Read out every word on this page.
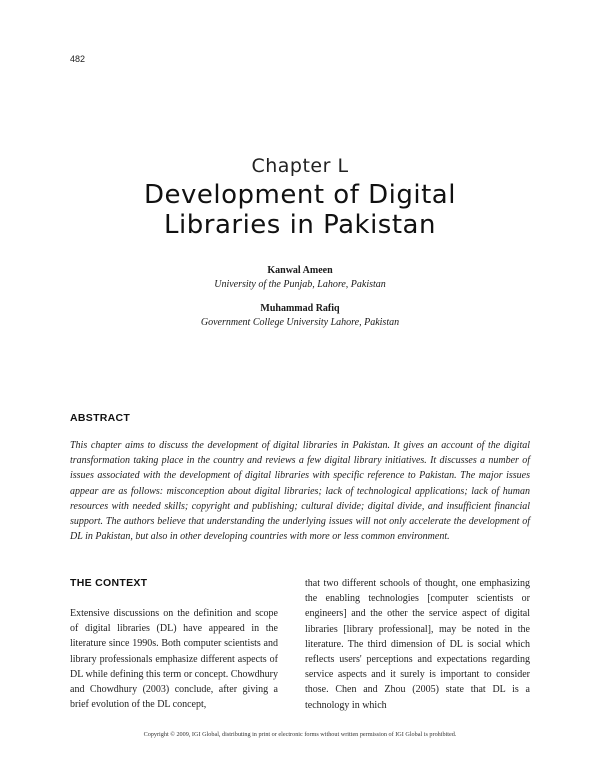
482
Chapter L
Development of Digital
Libraries in Pakistan
Kanwal Ameen
University of the Punjab, Lahore, Pakistan
Muhammad Rafiq
Government College University Lahore, Pakistan
ABSTRACT
This chapter aims to discuss the development of digital libraries in Pakistan. It gives an account of the digital transformation taking place in the country and reviews a few digital library initiatives. It discusses a number of issues associated with the development of digital libraries with specific reference to Pakistan. The major issues appear are as follows: misconception about digital libraries; lack of technological applications; lack of human resources with needed skills; copyright and publishing; cultural divide; digital divide, and insufficient financial support. The authors believe that understanding the underlying issues will not only accelerate the development of DL in Pakistan, but also in other developing countries with more or less common environment.
THE CONTEXT
Extensive discussions on the definition and scope of digital libraries (DL) have appeared in the literature since 1990s. Both computer scientists and library professionals emphasize different aspects of DL while defining this term or concept. Chowdhury and Chowdhury (2003) conclude, after giving a brief evolution of the DL concept,
that two different schools of thought, one emphasizing the enabling technologies [computer scientists or engineers] and the other the service aspect of digital libraries [library professional], may be noted in the literature. The third dimension of DL is social which reflects users' perceptions and expectations regarding service aspects and it surely is important to consider those. Chen and Zhou (2005) state that DL is a technology in which
Copyright © 2009, IGI Global, distributing in print or electronic forms without written permission of IGI Global is prohibited.
